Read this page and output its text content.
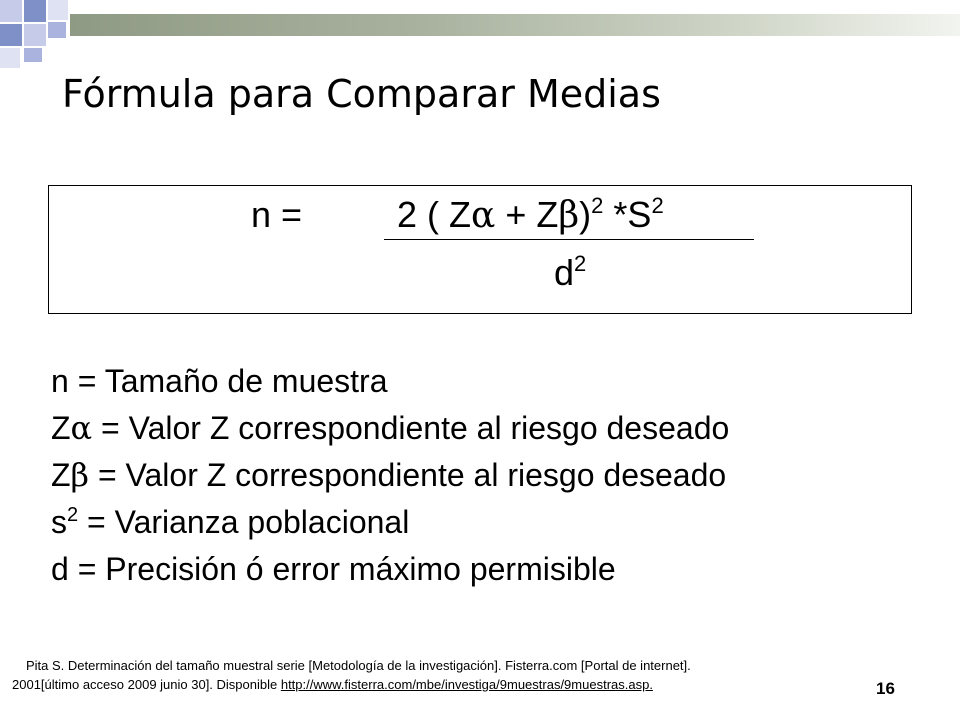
Fórmula para Comparar Medias
n =	2 ( Zα + Zβ)$^2$ $*S^2$
$d^2$
n = Tamaño de muestra
Zα = Valor Z correspondiente al riesgo deseado
Zβ = Valor Z correspondiente al riesgo deseado
$s^2$ = Varianza poblacional
d = Precisión ó error máximo permisible
Pita S. Determinación del tamaño muestral serie [Metodología de la investigación]. Fisterra.com [Portal de internet].
2001[último acceso 2009 junio 30]. Disponible http://www.fisterra.com/mbe/investiga/9muestras/9muestras.asp.	16
